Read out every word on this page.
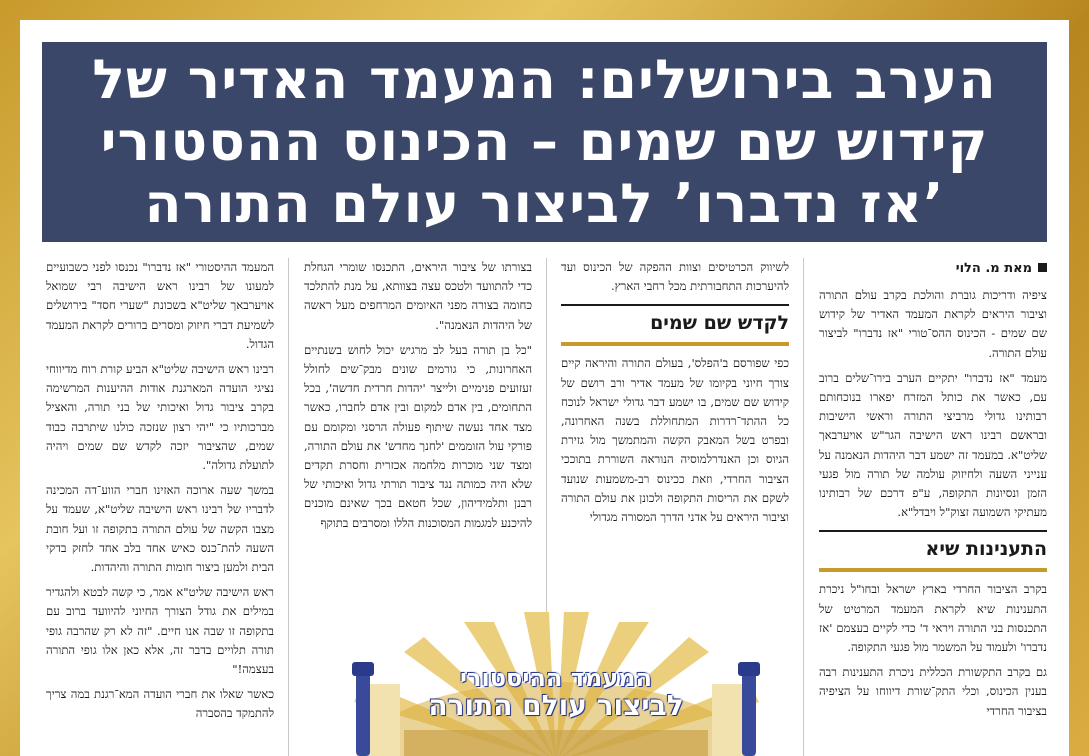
הערב בירושלים: המעמד האדיר של
קידוש שם שמים – הכינוס ההסטורי
’אז נדברו’ לביצור עולם התורה
מאת מ. הלוי

ציפיה ודריכות גוברת והולכת בקרב עולם התורה וציבור היראים לקראת המעמד האדיר של קידוש שם שמים - הכינוס ההס־טורי "אז נדברו" לביצור עולם התורה.

מעמד "אז נדברו" יתקיים הערב בירו־שלים ברוב עם, כאשר את כותל המזרח יפארו בנוכחותם רבותינו גדולי מרביצי התורה וראשי הישיבות ובראשם רבינו ראש הישיבה הגר"ש אויערבאך שליט"א. במעמד זה ישמע דבר היהדות הנאמנה על ענייני השעה ולחיזוק עולמה של תורה מול פגעי הזמן ונסיונות התקופה, ע"פ דרכם של רבותינו מעתיקי השמועה זצוק"ל ויבדל"א.

התענינות שיא

בקרב הציבור החרדי בארץ ישראל ובחו"ל ניכרת התענינות שיא לקראת המעמד המרטיט של התכנסות בני התורה ויראי ד' כדי לקיים בעצמם 'אז נדברו' ולעמוד על המשמר מול פגעי התקופה.

גם בקרב התקשורת הכללית ניכרת התענינות רבה בענין הכינוס, וכלי התק־שורת דיווחו על הציפיה בציבור החרדי

לשיווק הכרטיסים וצוות ההפקה של הכינוס ועד להיערכות התחבורתית מכל רחבי הארץ.

לקדש שם שמים

כפי שפורסם ב'הפלס', בעולם התורה והיראה קיים צורך חיוני בקיומו של מעמד אדיר ורב רושם של קידוש שם שמים, בו ישמע דבר גדולי ישראל לנוכח כל ההתד־רדרות המתחוללת בשנה האחרונה, ובפרט בשל המאבק הקשה והמתמשך מול גזירת הגיוס וכן האנדרלמוסיה הנוראה השוררת בתוככי הציבור החרדי, וזאת ככינוס רב-משמעות שנועד לשקם את הריסות התקופה ולכונן את עולם התורה וציבור היראים על אדני הדרך המסורה מגדולי

בצורתו של ציבור היראים, התכנסו שומרי הגחלת כדי להתוועד ולטכס עצה בצוותא, על מנת להתלכד כחומה בצורה מפני האיומים המרחפים מעל ראשה של היהדות הנאמנה".

"כל בן תורה בעל לב מרגיש יכול לחוש בשנתיים האחרונות, כי גורמים שונים מבק־שים לחולל זעזועים פנימיים ולייצר 'יהדות חרדית חדשה', בכל התחומים, בין אדם למקום ובין אדם לחברו, כאשר מצד אחד נעשה שיתוף פעולה הרסני ומקומם עם פורקי עול הזוממים 'לחנך מחדש' את עולם התורה, ומצד שני מוכרות מלחמה אכזרית וחסרת תקדים שלא היה כמותה נגד ציבור תורתי גדול ואיכותי של רבנן ותלמידיהון, שכל חטאם בכך שאינם מוכנים להיכנע למגמות המסוכנות הללו ומסרבים בתוקף

המעמד ההיסטורי "אז נדברו" נכנסו לפני כשבועיים למעונו של רבינו ראש הישיבה רבי שמואל אויערבאך שליט"א בשכונת "שערי חסד" בירושלים לשמיעת דברי חיזוק ומסרים ברורים לקראת המעמד הגדול.

רבינו ראש הישיבה שליט"א הביע קורת רוח מדיווחי נציגי הועדה המארגנת אודות ההיענות המרשימה בקרב ציבור גדול ואיכותי של בני תורה, והאציל מברכותיו כי "יהי רצון שנזכה כולנו שיתרבה כבוד שמים, שהציבור יזכה לקדש שם שמים ויהיה לתועלת גדולה".

במשך שעה ארוכה האזינו חברי הווע־דה המכינה לדבריו של רבינו ראש הישיבה שליט"א, שעמד על מצבו הקשה של עולם התורה בתקופה זו ועל חובת השעה להת־כנס כאיש אחד בלב אחד לחזק בדקי הבית ולמען ביצור חומות התורה והיהדות.

ראש הישיבה שליט"א אמר, כי קשה לבטא ולהגדיר במילים את גודל הצורך החיוני להיוועד ברוב עם בתקופה זו שבה אנו חיים. "זה לא רק שהרבה גופי תורה תלויים בדבר זה, אלא כאן אלו גופי התורה בעצמה!"

כאשר שאלו את חברי הועדה המא־רגנת במה צריך להתמקד בהסברה

המעמד ההיסטורי
לביצור עולם התורה
